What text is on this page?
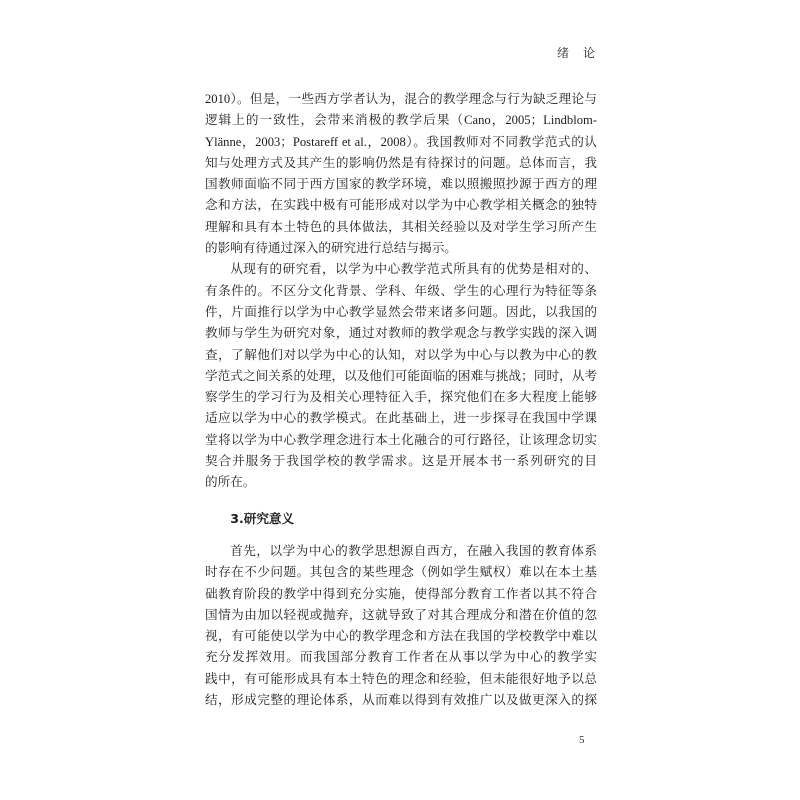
绪　论
2010）。但是，一些西方学者认为，混合的教学理念与行为缺乏理论与
逻辑上的一致性，会带来消极的教学后果（Cano，2005；Lindblom-
Ylänne，2003；Postareff et al.，2008）。我国教师对不同教学范式的认
知与处理方式及其产生的影响仍然是有待探讨的问题。总体而言，我
国教师面临不同于西方国家的教学环境，难以照搬照抄源于西方的理
念和方法，在实践中极有可能形成对以学为中心教学相关概念的独特
理解和具有本土特色的具体做法，其相关经验以及对学生学习所产生
的影响有待通过深入的研究进行总结与揭示。
从现有的研究看，以学为中心教学范式所具有的优势是相对的、
有条件的。不区分文化背景、学科、年级、学生的心理行为特征等条
件，片面推行以学为中心教学显然会带来诸多问题。因此，以我国的
教师与学生为研究对象，通过对教师的教学观念与教学实践的深入调
查，了解他们对以学为中心的认知，对以学为中心与以教为中心的教
学范式之间关系的处理，以及他们可能面临的困难与挑战；同时，从考
察学生的学习行为及相关心理特征入手，探究他们在多大程度上能够
适应以学为中心的教学模式。在此基础上，进一步探寻在我国中学课
堂将以学为中心教学理念进行本土化融合的可行路径，让该理念切实
契合并服务于我国学校的教学需求。这是开展本书一系列研究的目
的所在。
3.研究意义
首先，以学为中心的教学思想源自西方，在融入我国的教育体系
时存在不少问题。其包含的某些理念（例如学生赋权）难以在本土基
础教育阶段的教学中得到充分实施，使得部分教育工作者以其不符合
国情为由加以轻视或抛弃，这就导致了对其合理成分和潜在价值的忽
视，有可能使以学为中心的教学理念和方法在我国的学校教学中难以
充分发挥效用。而我国部分教育工作者在从事以学为中心的教学实
践中，有可能形成具有本土特色的理念和经验，但未能很好地予以总
结，形成完整的理论体系，从而难以得到有效推广以及做更深入的探
5
